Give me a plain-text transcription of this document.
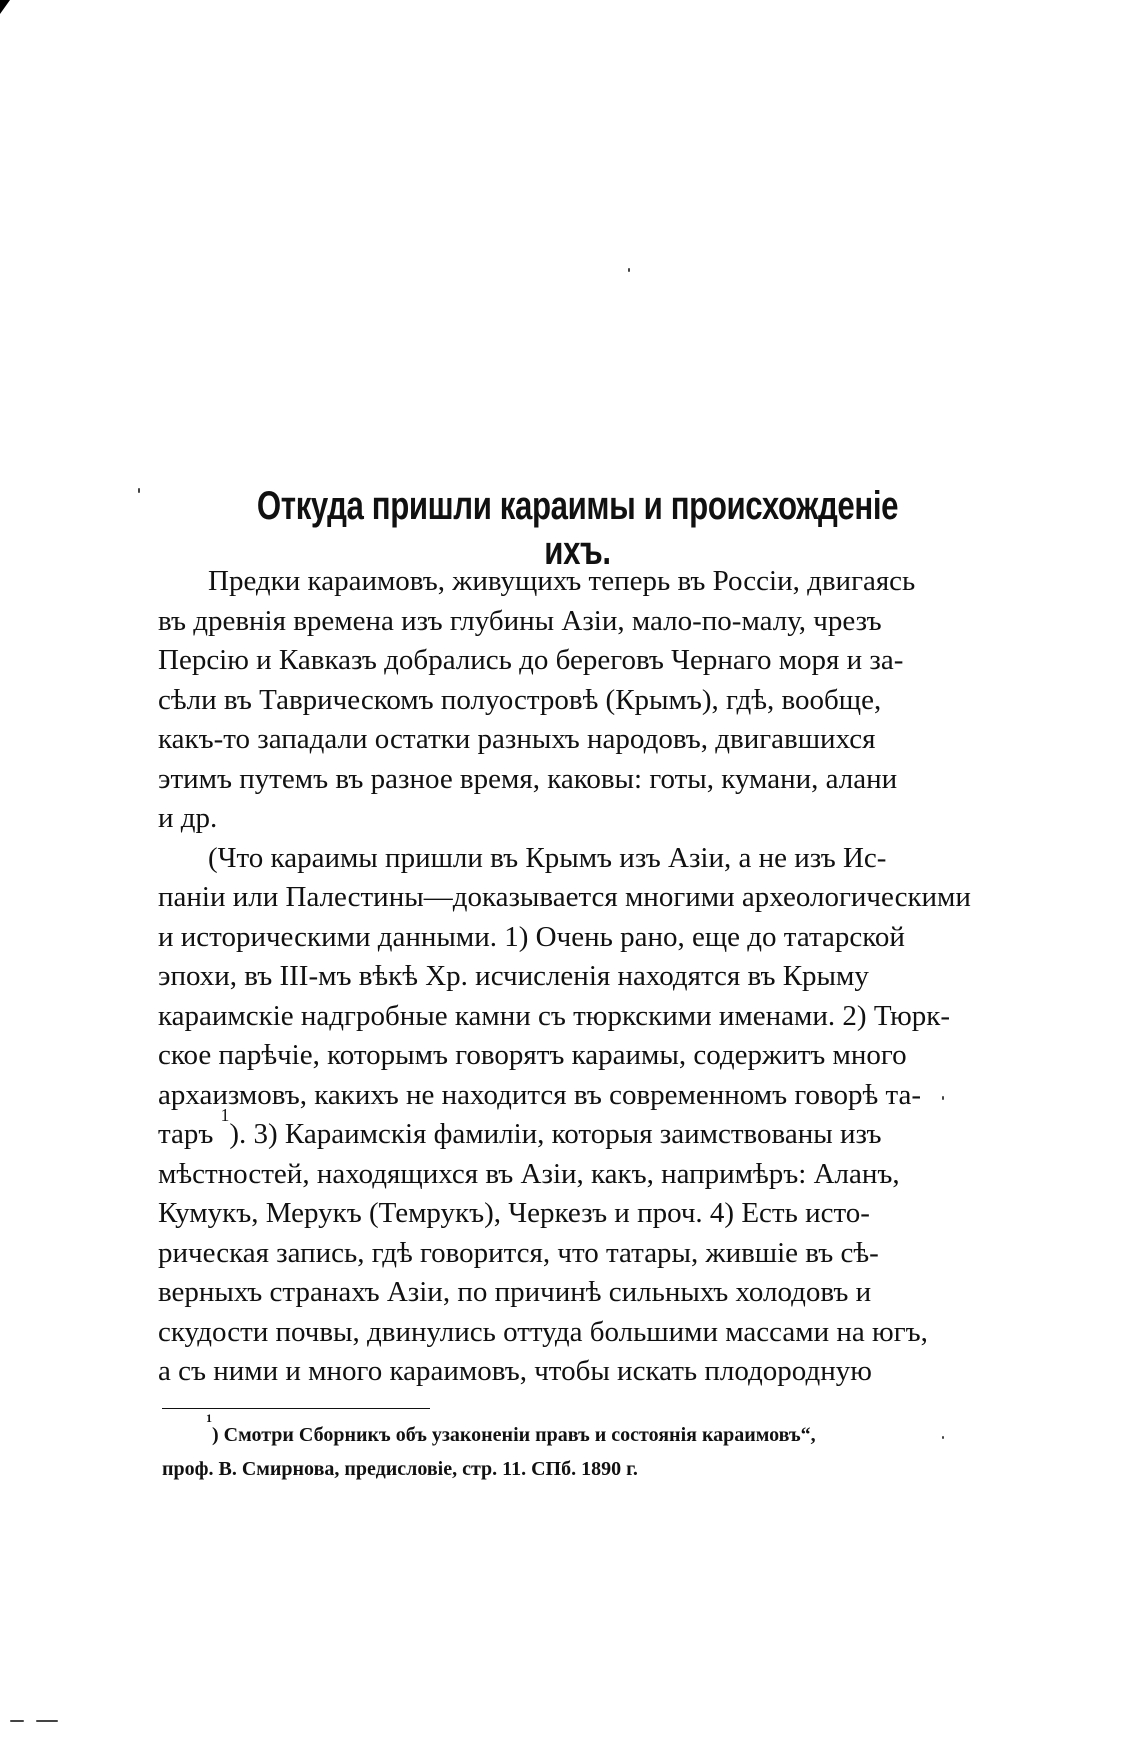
Откуда пришли караимы и происхожденіе ихъ.
Предки караимовъ, живущихъ теперь въ Россіи, двигаясь
въ древнія времена изъ глубины Азіи, мало-по-малу, чрезъ
Персію и Кавказъ добрались до береговъ Чернаго моря и за-
сѣли въ Таврическомъ полуостровѣ (Крымъ), гдѣ, вообще,
какъ-то западали остатки разныхъ народовъ, двигавшихся
этимъ путемъ въ разное время, каковы: готы, кумани, алани
и др.
(Что караимы пришли въ Крымъ изъ Азіи, а не изъ Ис-
паніи или Палестины—доказывается многими археологическими
и историческими данными. 1) Очень рано, еще до татарской
эпохи, въ III-мъ вѣкѣ Хр. исчисленія находятся въ Крыму
караимскіе надгробные камни съ тюркскими именами. 2) Тюрк-
ское парѣчіе, которымъ говорятъ караимы, содержитъ много
архаизмовъ, какихъ не находится въ современномъ говорѣ та-
таръ

1
). 3) Караимскія фамиліи, которыя заимствованы изъ
мѣстностей, находящихся въ Азіи, какъ, напримѣръ: Аланъ,
Кумукъ, Мерукъ (Темрукъ), Черкезъ и проч. 4) Есть исто-
рическая запись, гдѣ говорится, что татары, жившіе въ сѣ-
верныхъ странахъ Азіи, по причинѣ сильныхъ холодовъ и
скудости почвы, двинулись оттуда большими массами на югъ,
а съ ними и много караимовъ, чтобы искать плодородную
1
) Смотри Сборникъ объ узаконеніи правъ и состоянія караимовъ“,
проф. В. Смирнова, предисловіе, стр. 11. СПб. 1890 г.
